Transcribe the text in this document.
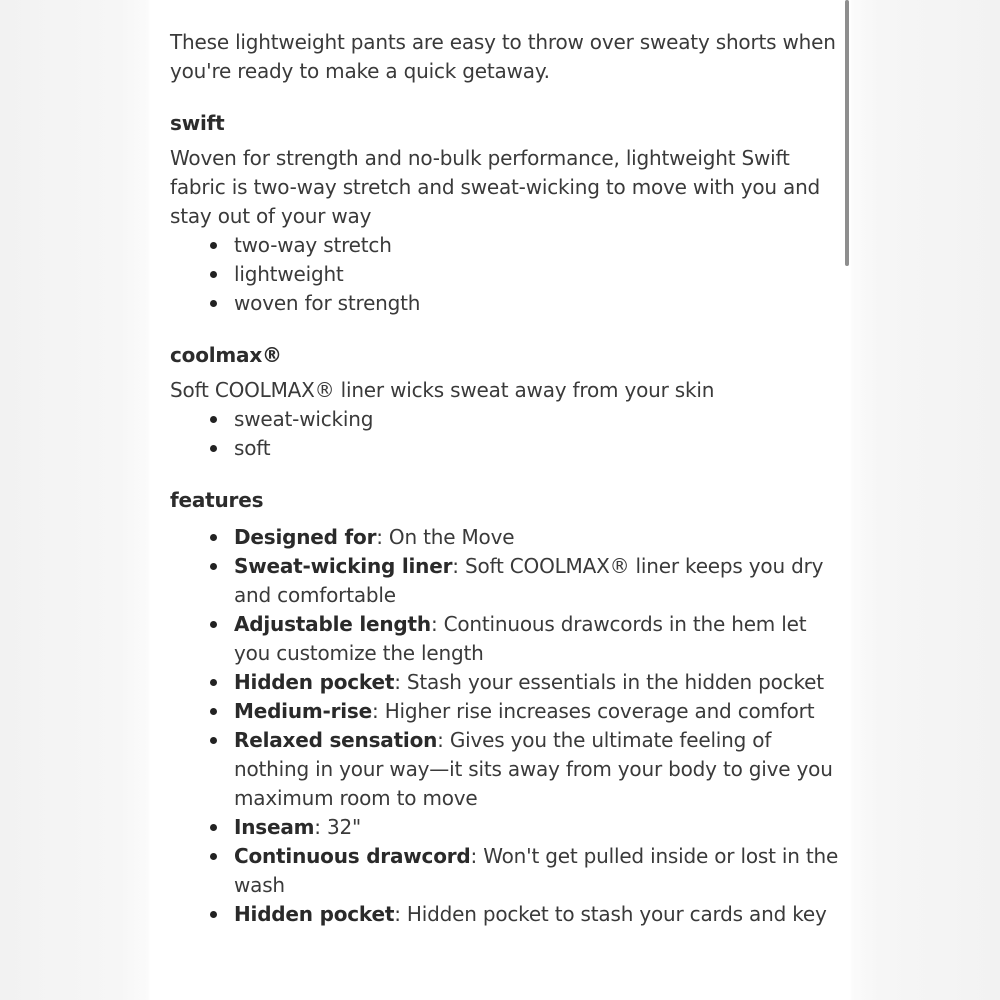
These lightweight pants are easy to throw over sweaty shorts when you're ready to make a quick getaway.

swift

Woven for strength and no-bulk performance, lightweight Swift fabric is two-way stretch and sweat-wicking to move with you and stay out of your way

two-way stretch
lightweight
woven for strength
coolmax®

Soft COOLMAX® liner wicks sweat away from your skin

sweat-wicking
soft
features
Designed for: On the Move
Sweat-wicking liner: Soft COOLMAX® liner keeps you dry and comfortable
Adjustable length: Continuous drawcords in the hem let you customize the length
Hidden pocket: Stash your essentials in the hidden pocket
Medium-rise: Higher rise increases coverage and comfort
Relaxed sensation: Gives you the ultimate feeling of nothing in your way—it sits away from your body to give you maximum room to move
Inseam: 32"
Continuous drawcord: Won't get pulled inside or lost in the wash
Hidden pocket: Hidden pocket to stash your cards and key
